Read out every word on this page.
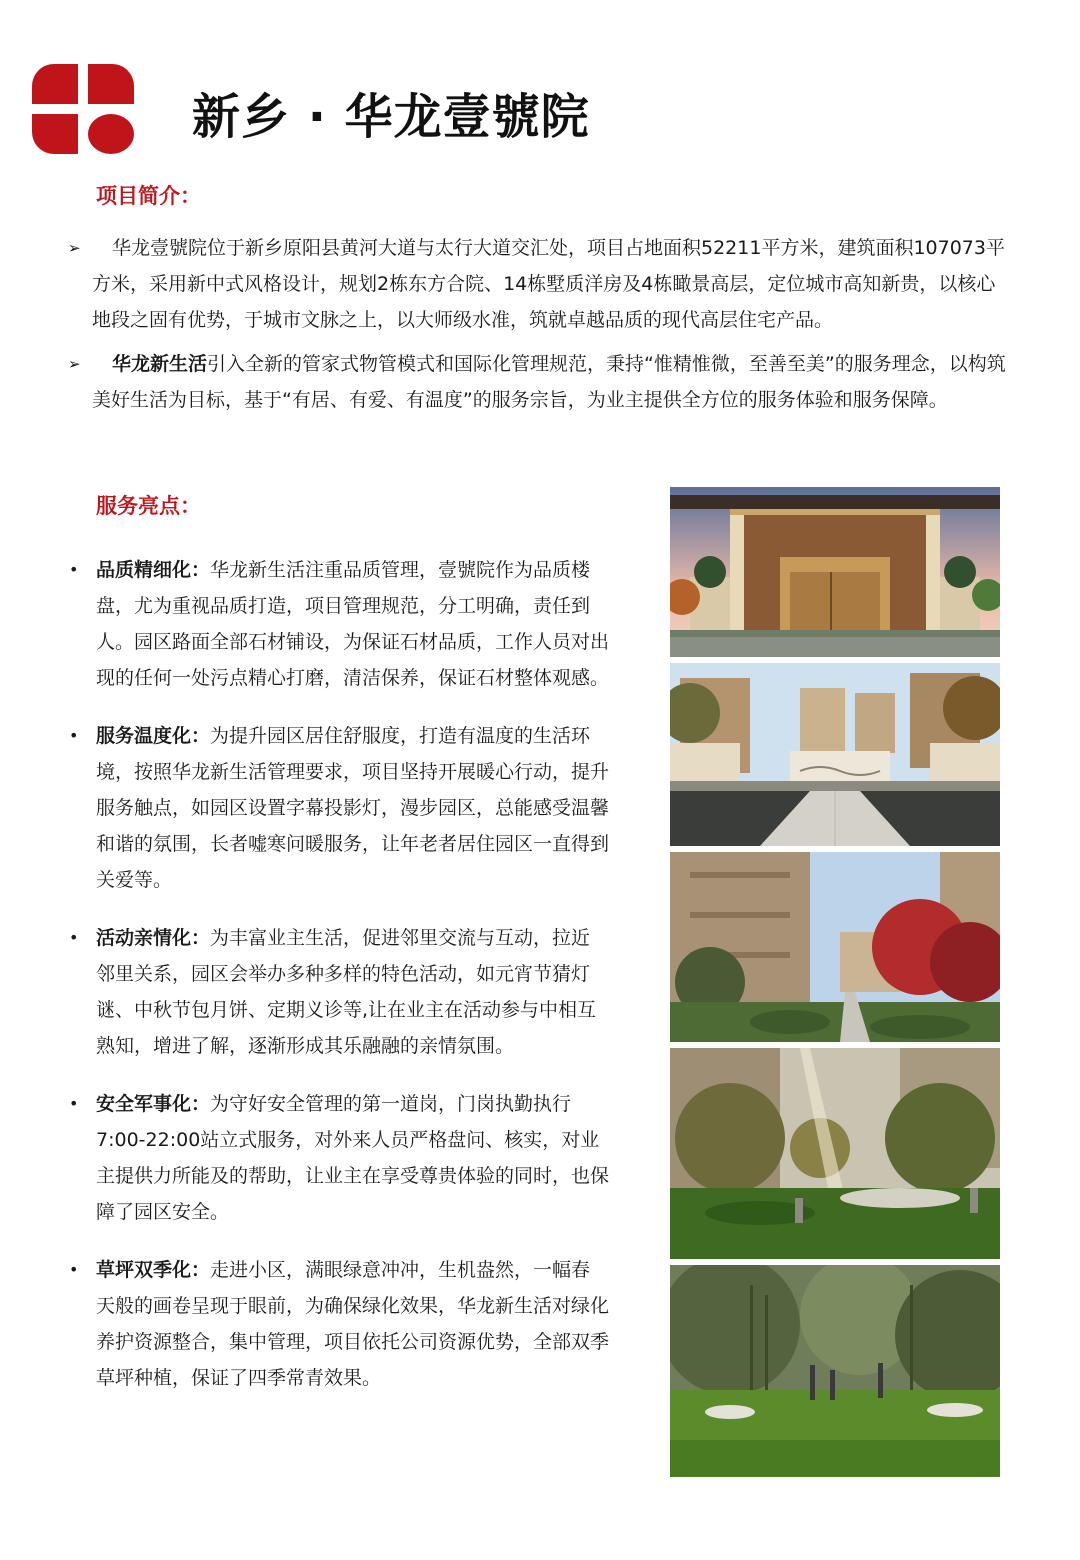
新乡 · 华龙壹號院
项目简介：
➢ 华龙壹號院位于新乡原阳县黄河大道与太行大道交汇处，项目占地面积52211平方米，建筑面积107073平方米，采用新中式风格设计，规划2栋东方合院、14栋墅质洋房及4栋瞰景高层，定位城市高知新贵，以核心地段之固有优势，于城市文脉之上，以大师级水准，筑就卓越品质的现代高层住宅产品。
➢ 华龙新生活引入全新的管家式物管模式和国际化管理规范，秉持“惟精惟微，至善至美”的服务理念，以构筑美好生活为目标，基于“有居、有爱、有温度”的服务宗旨，为业主提供全方位的服务体验和服务保障。
服务亮点：
• 品质精细化：华龙新生活注重品质管理，壹號院作为品质楼盘，尤为重视品质打造，项目管理规范，分工明确，责任到人。园区路面全部石材铺设，为保证石材品质，工作人员对出现的任何一处污点精心打磨，清洁保养，保证石材整体观感。
• 服务温度化：为提升园区居住舒服度，打造有温度的生活环境，按照华龙新生活管理要求，项目坚持开展暖心行动，提升服务触点，如园区设置字幕投影灯，漫步园区，总能感受温馨和谐的氛围，长者嘘寒问暖服务，让年老者居住园区一直得到关爱等。
• 活动亲情化：为丰富业主生活，促进邻里交流与互动，拉近邻里关系，园区会举办多种多样的特色活动，如元宵节猜灯谜、中秋节包月饼、定期义诊等,让在业主在活动参与中相互熟知，增进了解，逐渐形成其乐融融的亲情氛围。
• 安全军事化：为守好安全管理的第一道岗，门岗执勤执行7:00-22:00站立式服务，对外来人员严格盘问、核实，对业主提供力所能及的帮助，让业主在享受尊贵体验的同时，也保障了园区安全。
• 草坪双季化：走进小区，满眼绿意冲冲，生机盎然，一幅春天般的画卷呈现于眼前，为确保绿化效果，华龙新生活对绿化养护资源整合，集中管理，项目依托公司资源优势，全部双季草坪种植，保证了四季常青效果。
